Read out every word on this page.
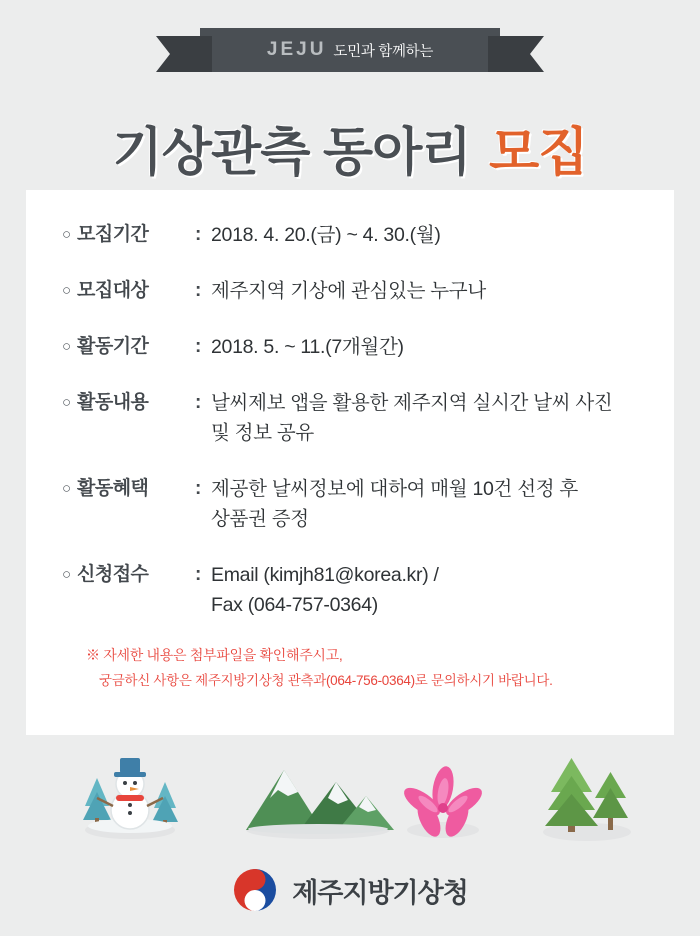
JEJU 도민과 함께하는
기상관측 동아리 모집
○ 모집기간	: 2018. 4. 20.(금) ~ 4. 30.(월)
○ 모집대상	: 제주지역 기상에 관심있는 누구나
○ 활동기간	: 2018. 5. ~ 11.(7개월간)
○ 활동내용	: 날씨제보 앱을 활용한 제주지역 실시간 날씨 사진
및 정보 공유
○ 활동혜택	: 제공한 날씨정보에 대하여 매월 10건 선정 후
상품권 증정
○ 신청접수	: Email (kimjh81@korea.kr) /
Fax (064-757-0364)
※ 자세한 내용은 첨부파일을 확인해주시고,
궁금하신 사항은 제주지방기상청 관측과(064-756-0364)로 문의하시기 바랍니다.
제주지방기상청
